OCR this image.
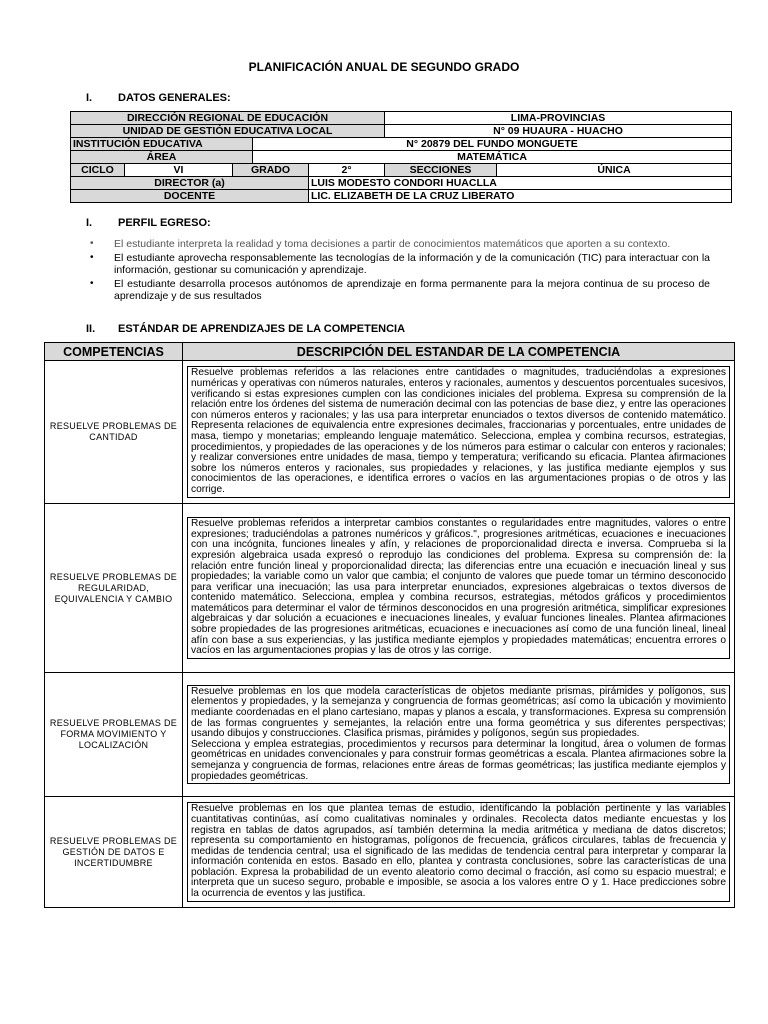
PLANIFICACIÓN ANUAL DE SEGUNDO GRADO
I. DATOS GENERALES:
DIRECCIÓN REGIONAL DE EDUCACIÓN					LIMA-PROVINCIAS	
UNIDAD DE GESTIÓN EDUCATIVA LOCAL					N° 09 HUAURA - HUACHO	
INSTITUCIÓN EDUCATIVA			N° 20879 DEL FUNDO MONGUETE			
ÁREA			MATEMÁTICA			
CICLO	VI	GRADO		2°	SECCIONES	ÚNICA
DIRECTOR (a)				LUIS MODESTO CONDORI HUACLLA		
DOCENTE				LIC. ELIZABETH DE LA CRUZ LIBERATO		
I. PERFIL EGRESO:
• El estudiante interpreta la realidad y toma decisiones a partir de conocimientos matemáticos que aporten a su contexto.
• El estudiante aprovecha responsablemente las tecnologías de la información y de la comunicación (TIC) para interactuar con la información, gestionar su comunicación y aprendizaje.
• El estudiante desarrolla procesos autónomos de aprendizaje en forma permanente para la mejora continua de su proceso de aprendizaje y de sus resultados
II. ESTÁNDAR DE APRENDIZAJES DE LA COMPETENCIA
COMPETENCIAS	DESCRIPCIÓN DEL ESTANDAR DE LA COMPETENCIA
RESUELVE PROBLEMAS DE CANTIDAD	Resuelve problemas referidos a las relaciones entre cantidades o magnitudes, traduciéndolas a expresiones numéricas y operativas con números naturales, enteros y racionales, aumentos y descuentos porcentuales sucesivos, verificando si estas expresiones cumplen con las condiciones iniciales del problema. Expresa su comprensión de la relación entre los órdenes del sistema de numeración decimal con las potencias de base diez, y entre las operaciones con números enteros y racionales; y las usa para interpretar enunciados o textos diversos de contenido matemático. Representa relaciones de equivalencia entre expresiones decimales, fraccionarias y porcentuales, entre unidades de masa, tiempo y monetarias; empleando lenguaje matemático. Selecciona, emplea y combina recursos, estrategias, procedimientos, y propiedades de las operaciones y de los números para estimar o calcular con enteros y racionales; y realizar conversiones entre unidades de masa, tiempo y temperatura; verificando su eficacia. Plantea afirmaciones sobre los números enteros y racionales, sus propiedades y relaciones, y las justifica mediante ejemplos y sus conocimientos de las operaciones, e identifica errores o vacíos en las argumentaciones propias o de otros y las corrige.

RESUELVE PROBLEMAS DE REGULARIDAD, EQUIVALENCIA Y CAMBIO	Resuelve problemas referidos a interpretar cambios constantes o regularidades entre magnitudes, valores o entre expresiones; traduciéndolas a patrones numéricos y gráficos.", progresiones aritméticas, ecuaciones e inecuaciones con una incógnita, funciones lineales y afín, y relaciones de proporcionalidad directa e inversa. Comprueba si la expresión algebraica usada expresó o reprodujo las condiciones del problema. Expresa su comprensión de: la relación entre función lineal y proporcionalidad directa; las diferencias entre una ecuación e inecuación lineal y sus propiedades; la variable como un valor que cambia; el conjunto de valores que puede tomar un término desconocido para verificar una inecuación; las usa para interpretar enunciados, expresiones algebraicas o textos diversos de contenido matemático. Selecciona, emplea y combina recursos, estrategias, métodos gráficos y procedimientos matemáticos para determinar el valor de términos desconocidos en una progresión aritmética, simplificar expresiones algebraicas y dar solución a ecuaciones e inecuaciones lineales, y evaluar funciones lineales. Plantea afirmaciones sobre propiedades de las progresiones aritméticas, ecuaciones e inecuaciones así como de una función lineal, lineal afín con base a sus experiencias, y las justifica mediante ejemplos y propiedades matemáticas; encuentra errores o vacíos en las argumentaciones propias y las de otros y las corrige.

RESUELVE PROBLEMAS DE FORMA MOVIMIENTO Y LOCALIZACIÓN	Resuelve problemas en los que modela características de objetos mediante prismas, pirámides y polígonos, sus elementos y propiedades, y la semejanza y congruencia de formas geométricas; así como la ubicación y movimiento mediante coordenadas en el plano cartesiano, mapas y planos a escala, y transformaciones. Expresa su comprensión de las formas congruentes y semejantes, la relación entre una forma geométrica y sus diferentes perspectivas; usando dibujos y construcciones. Clasifica prismas, pirámides y polígonos, según sus propiedades.
Selecciona y emplea estrategias, procedimientos y recursos para determinar la longitud, área o volumen de formas geométricas en unidades convencionales y para construir formas geométricas a escala. Plantea afirmaciones sobre la semejanza y congruencia de formas, relaciones entre áreas de formas geométricas; las justifica mediante ejemplos y propiedades geométricas.

RESUELVE PROBLEMAS DE GESTIÓN DE DATOS E INCERTIDUMBRE	Resuelve problemas en los que plantea temas de estudio, identificando la población pertinente y las variables cuantitativas continúas, así como cualitativas nominales y ordinales. Recolecta datos mediante encuestas y los registra en tablas de datos agrupados, así también determina la media aritmética y mediana de datos discretos; representa su comportamiento en histogramas, polígonos de frecuencia, gráficos circulares, tablas de frecuencia y medidas de tendencia central; usa el significado de las medidas de tendencia central para interpretar y comparar la información contenida en estos. Basado en ello, plantea y contrasta conclusiones, sobre las características de una población. Expresa la probabilidad de un evento aleatorio como decimal o fracción, así como su espacio muestral; e interpreta que un suceso seguro, probable e imposible, se asocia a los valores entre O y 1. Hace predicciones sobre la ocurrencia de eventos y las justifica.
